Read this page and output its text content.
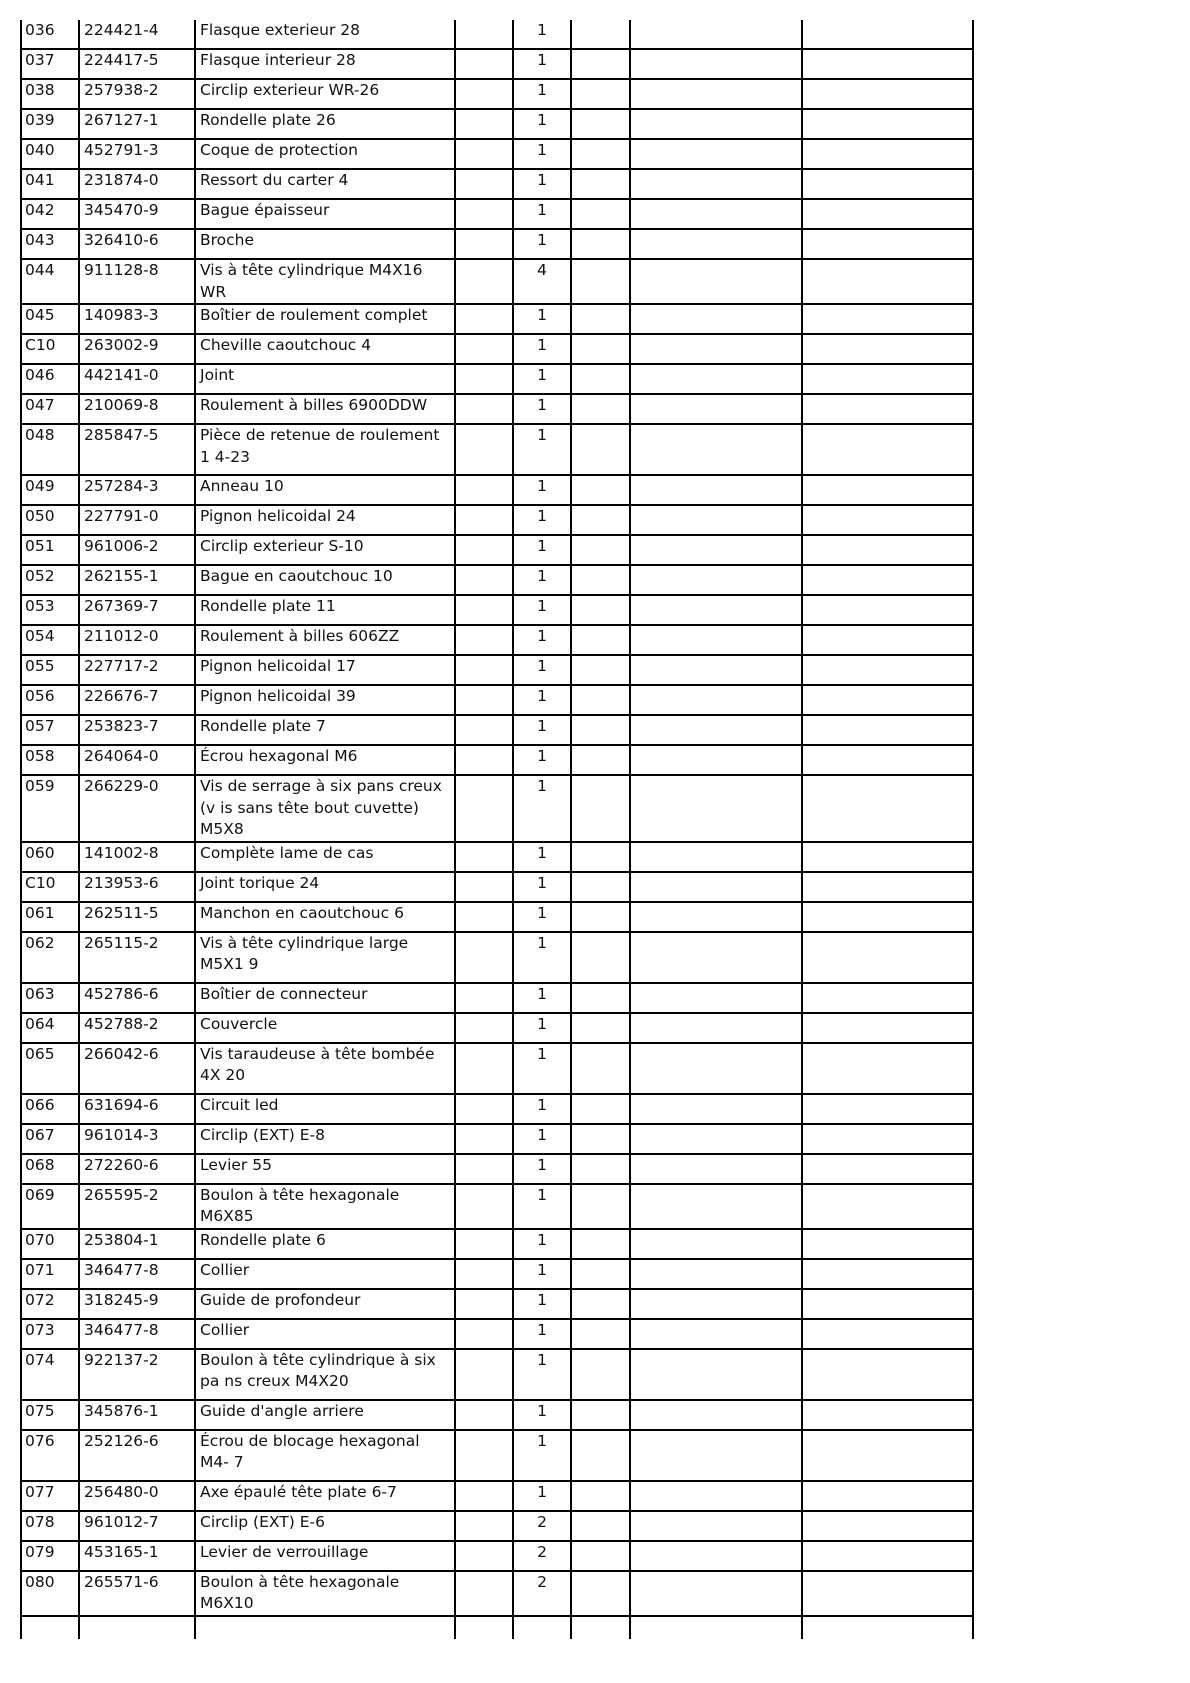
036	224421-4	Flasque exterieur 28		1			
037	224417-5	Flasque interieur 28		1			
038	257938-2	Circlip exterieur WR-26		1			
039	267127-1	Rondelle plate 26		1			
040	452791-3	Coque de protection		1			
041	231874-0	Ressort du carter 4		1			
042	345470-9	Bague épaisseur		1			
043	326410-6	Broche		1			
044	911128-8	Vis à tête cylindrique M4X16 WR		4			
045	140983-3	Boîtier de roulement complet		1			
C10	263002-9	Cheville caoutchouc 4		1			
046	442141-0	Joint		1			
047	210069-8	Roulement à billes 6900DDW		1			
048	285847-5	Pièce de retenue de roulement 1 4-23		1			
049	257284-3	Anneau 10		1			
050	227791-0	Pignon helicoidal 24		1			
051	961006-2	Circlip exterieur S-10		1			
052	262155-1	Bague en caoutchouc 10		1			
053	267369-7	Rondelle plate 11		1			
054	211012-0	Roulement à billes 606ZZ		1			
055	227717-2	Pignon helicoidal 17		1			
056	226676-7	Pignon helicoidal 39		1			
057	253823-7	Rondelle plate 7		1			
058	264064-0	Écrou hexagonal M6		1			
059	266229-0	Vis de serrage à six pans creux (v is sans tête bout cuvette) M5X8		1			
060	141002-8	Complète lame de cas		1			
C10	213953-6	Joint torique 24		1			
061	262511-5	Manchon en caoutchouc 6		1			
062	265115-2	Vis à tête cylindrique large M5X1 9		1			
063	452786-6	Boîtier de connecteur		1			
064	452788-2	Couvercle		1			
065	266042-6	Vis taraudeuse à tête bombée 4X 20		1			
066	631694-6	Circuit led		1			
067	961014-3	Circlip (EXT) E-8		1			
068	272260-6	Levier 55		1			
069	265595-2	Boulon à tête hexagonale M6X85		1			
070	253804-1	Rondelle plate 6		1			
071	346477-8	Collier		1			
072	318245-9	Guide de profondeur		1			
073	346477-8	Collier		1			
074	922137-2	Boulon à tête cylindrique à six pa ns creux M4X20		1			
075	345876-1	Guide d'angle arriere		1			
076	252126-6	Écrou de blocage hexagonal M4- 7		1			
077	256480-0	Axe épaulé tête plate 6-7		1			
078	961012-7	Circlip (EXT) E-6		2			
079	453165-1	Levier de verrouillage		2			
080	265571-6	Boulon à tête hexagonale M6X10		2			
